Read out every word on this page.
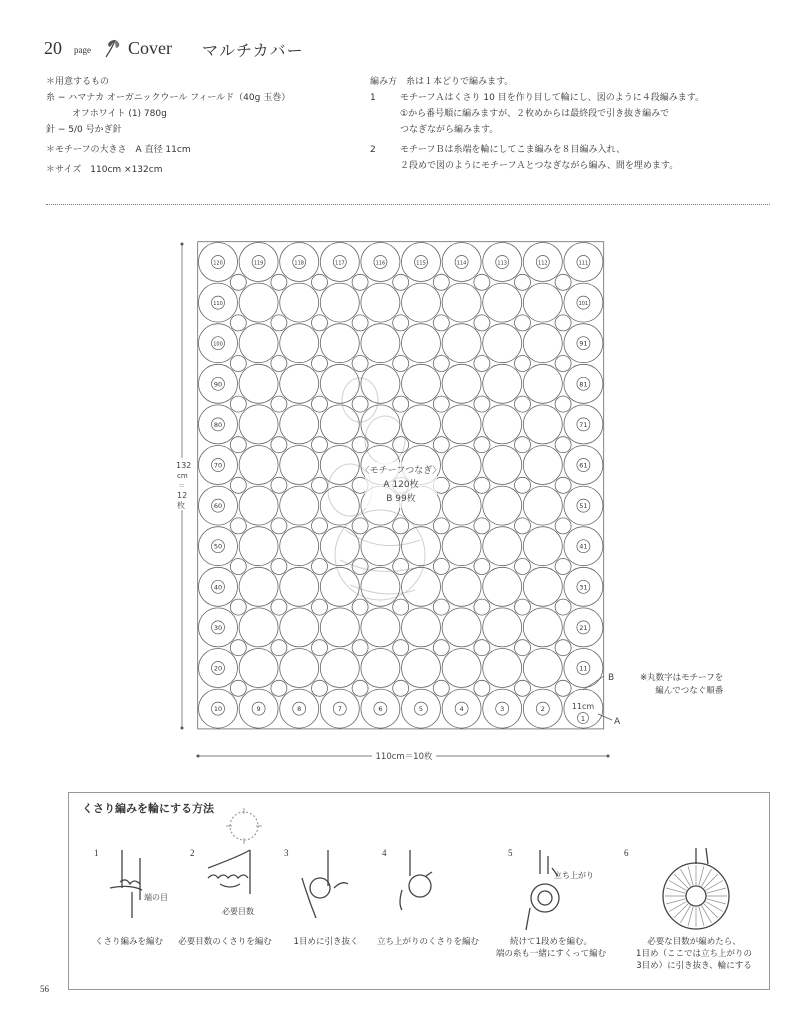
20 page Cover マルチカバー
＊用意するもの
糸 − ハマナカ オーガニックウール フィールド（40g 玉巻）
オフホワイト (1) 780g
針 − 5/0 号かぎ針
＊モチーフの大きさ　A 直径 11cm
＊サイズ　110cm ×132cm
編み方　糸は１本どりで編みます。
1	モチーフＡはくさり 10 目を作り目して輪にし、図のように４段編みます。
①から番号順に編みますが、２枚めからは最終段で引き抜き編みで
つなぎながら編みます。
2	モチーフＢは糸端を輪にしてこま編みを８目編み入れ、
２段めで図のようにモチーフＡとつなぎながら編み、間を埋めます。
120	119	118	117	116	115	114	113	112	111
110
100
90
80
70
60
50
40
30
20
10
101
91
81
71
61
51
41
31
21
11
9	8	7	6	5	4	3	2
〈モチーフつなぎ〉
A 120枚
B 99枚
132
cm
＝
12
枚
110cm＝10枚
B
A
11cm
1
※丸数字はモチーフを
編んでつなぐ順番
くさり編みを輪にする方法
1	2	3	4	5	6
端の目
必要目数
立ち上がり
くさり編みを編む	必要目数のくさりを編む	1目めに引き抜く	立ち上がりのくさりを編む	続けて1段めを編む。
端の糸も一緒にすくって編む
必要な目数が編めたら、
1目め（ここでは立ち上がりの
3目め）に引き抜き、輪にする
56
